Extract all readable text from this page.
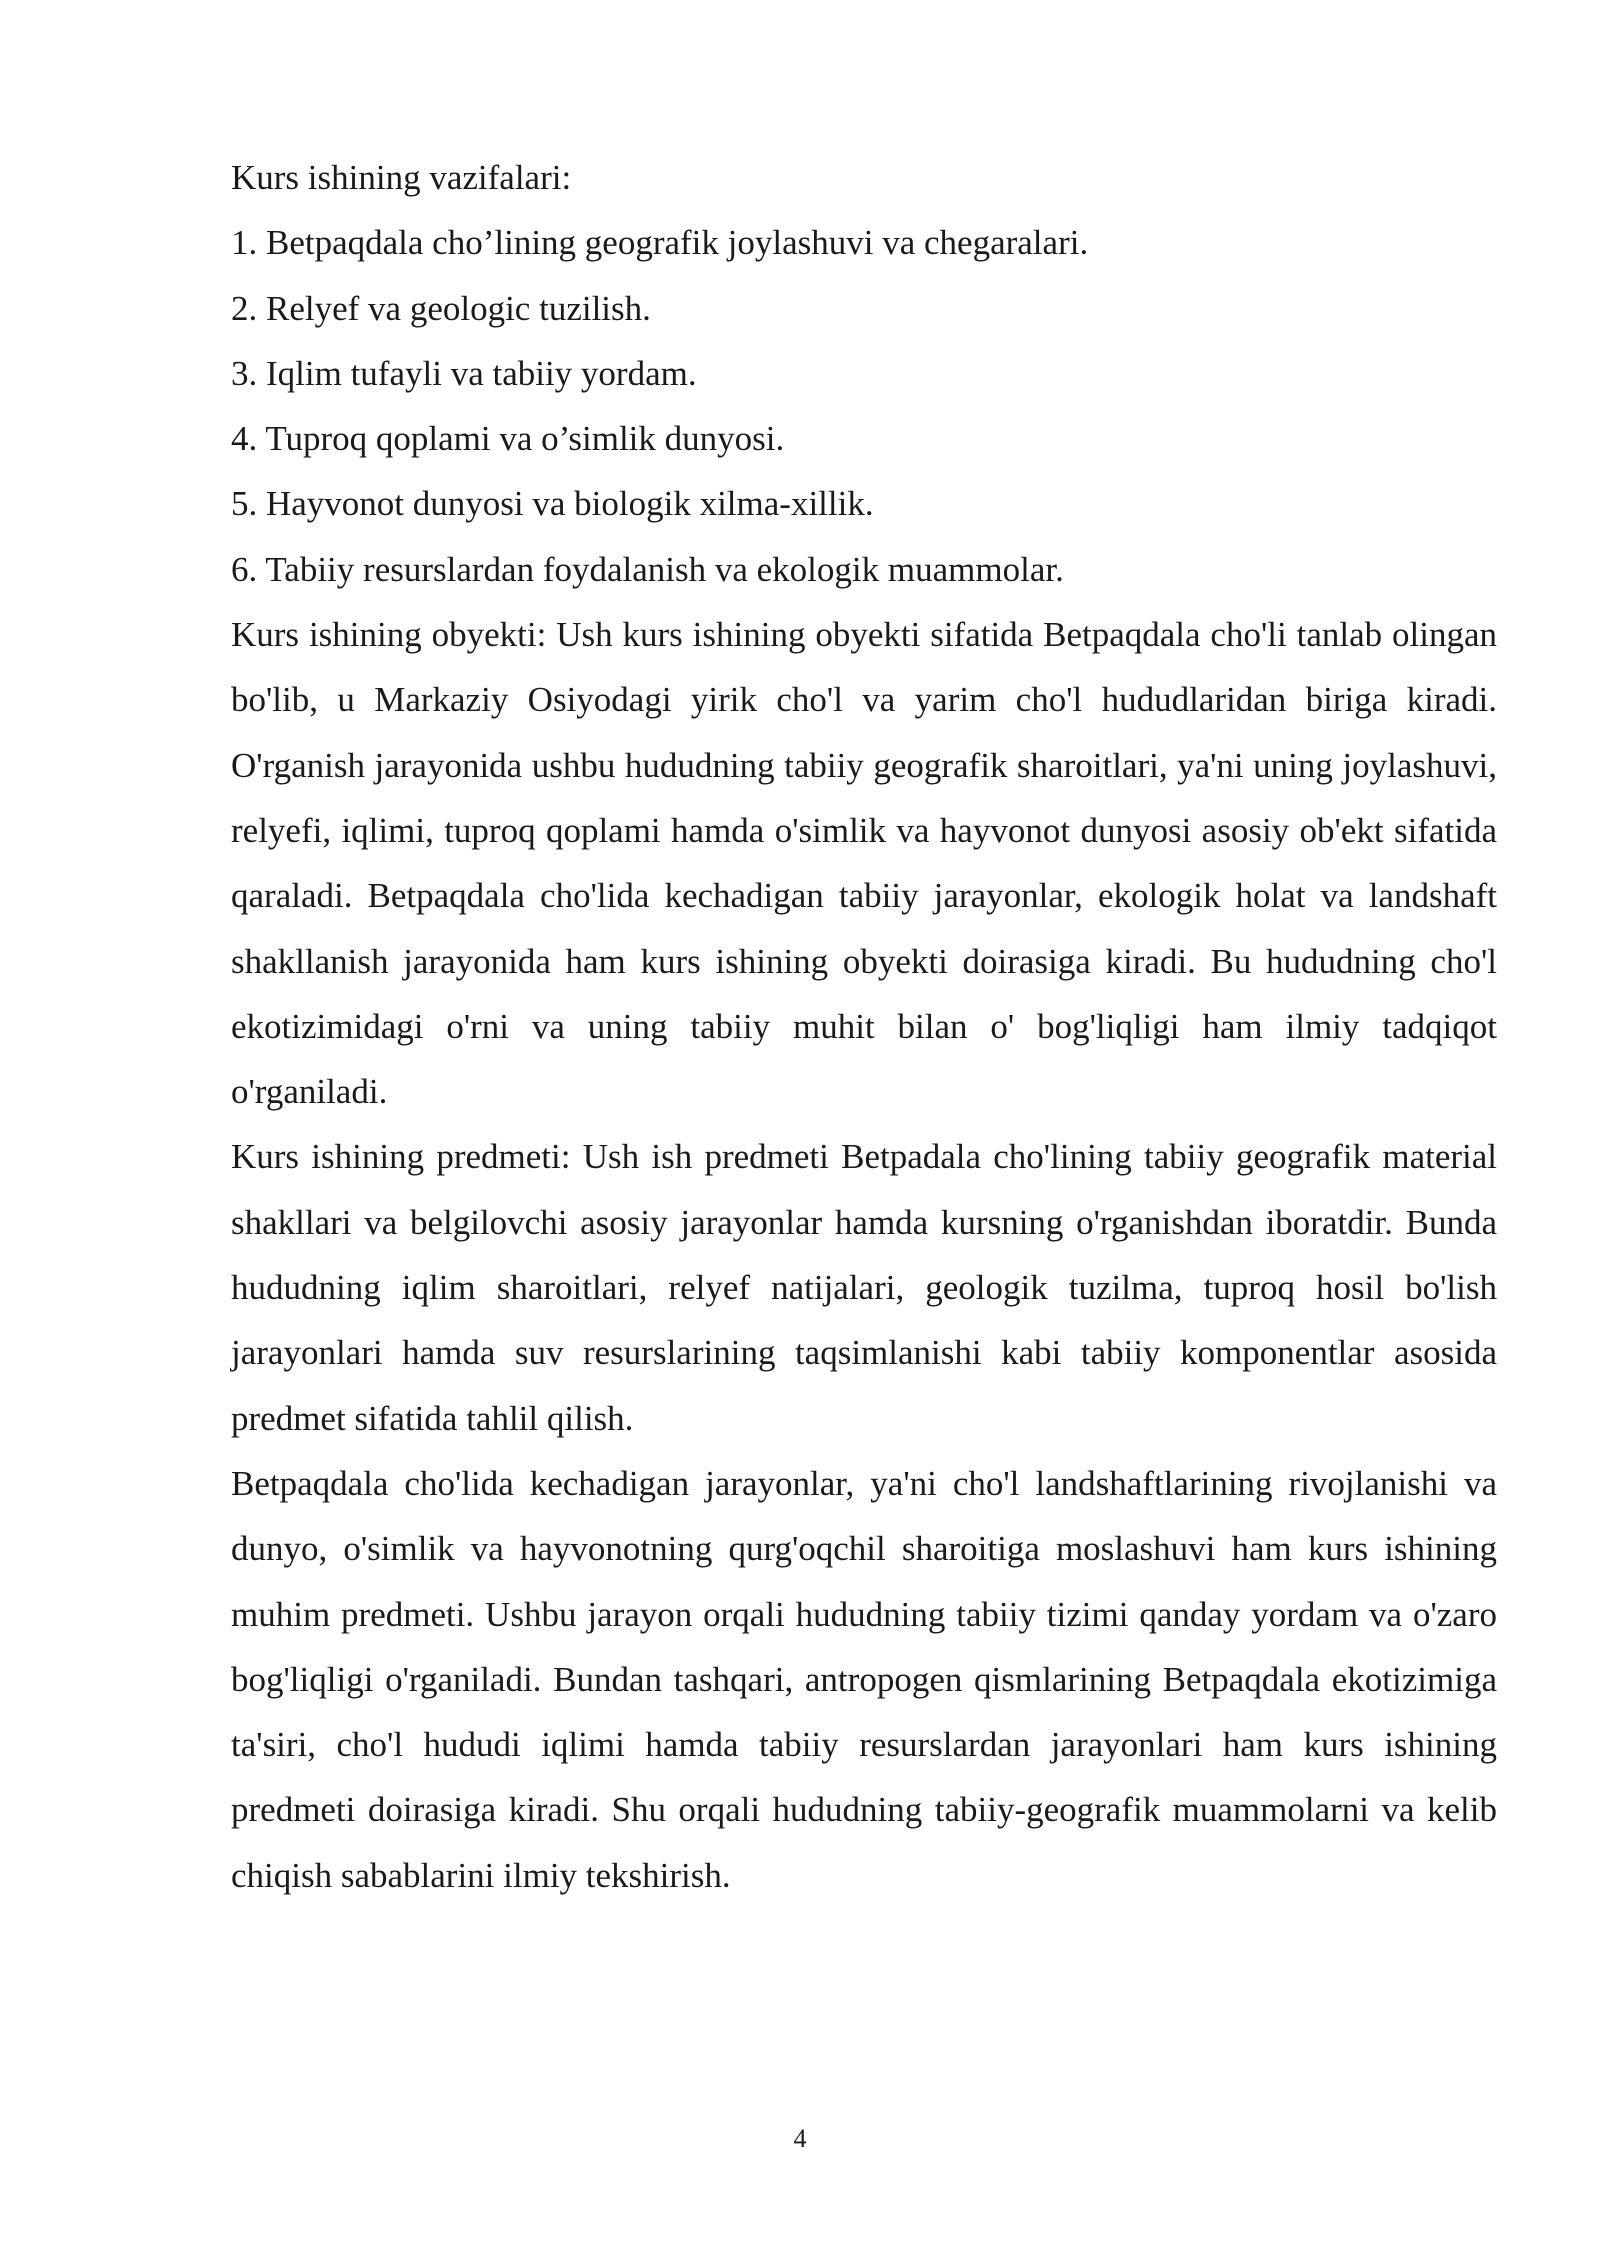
Kurs ishining vazifalari:

1. Betpaqdala cho’lining geografik joylashuvi va chegaralari.

2. Relyef va geologic tuzilish.

3. Iqlim tufayli va tabiiy yordam.

4. Tuproq qoplami va o’simlik dunyosi.

5. Hayvonot dunyosi va biologik xilma-xillik.

6. Tabiiy resurslardan foydalanish va ekologik muammolar.

Kurs ishining obyekti: Ush kurs ishining obyekti sifatida Betpaqdala cho'li tanlab olingan bo'lib, u Markaziy Osiyodagi yirik cho'l va yarim cho'l hududlaridan biriga kiradi. O'rganish jarayonida ushbu hududning tabiiy geografik sharoitlari, ya'ni uning joylashuvi, relyefi, iqlimi, tuproq qoplami hamda o'simlik va hayvonot dunyosi asosiy ob'ekt sifatida qaraladi. Betpaqdala cho'lida kechadigan tabiiy jarayonlar, ekologik holat va landshaft shakllanish jarayonida ham kurs ishining obyekti doirasiga kiradi. Bu hududning cho'l ekotizimidagi o'rni va uning tabiiy muhit bilan o' bog'liqligi ham ilmiy tadqiqot o'rganiladi.

Kurs ishining predmeti: Ush ish predmeti Betpadala cho'lining tabiiy geografik material shakllari va belgilovchi asosiy jarayonlar hamda kursning o'rganishdan iboratdir. Bunda hududning iqlim sharoitlari, relyef natijalari, geologik tuzilma, tuproq hosil bo'lish jarayonlari hamda suv resurslarining taqsimlanishi kabi tabiiy komponentlar asosida predmet sifatida tahlil qilish.

Betpaqdala cho'lida kechadigan jarayonlar, ya'ni cho'l landshaftlarining rivojlanishi va dunyo, o'simlik va hayvonotning qurg'oqchil sharoitiga moslashuvi ham kurs ishining muhim predmeti. Ushbu jarayon orqali hududning tabiiy tizimi qanday yordam va o'zaro bog'liqligi o'rganiladi. Bundan tashqari, antropogen qismlarining Betpaqdala ekotizimiga ta'siri, cho'l hududi iqlimi hamda tabiiy resurslardan jarayonlari ham kurs ishining predmeti doirasiga kiradi. Shu orqali hududning tabiiy-geografik muammolarni va kelib chiqish sabablarini ilmiy tekshirish.

4
